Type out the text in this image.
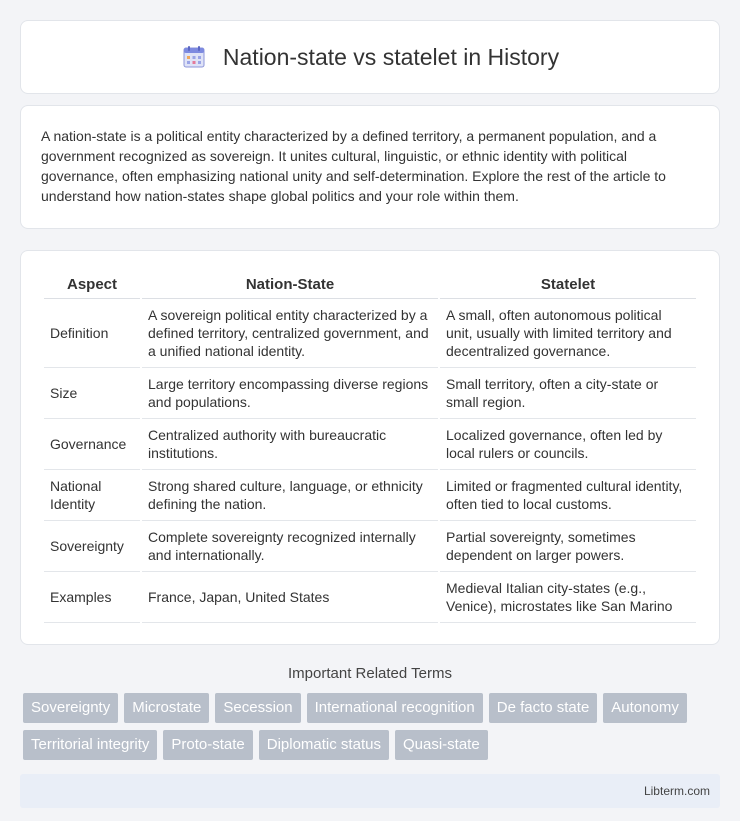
Nation-state vs statelet in History

A nation-state is a political entity characterized by a defined territory, a permanent population, and a government recognized as sovereign. It unites cultural, linguistic, or ethnic identity with political governance, often emphasizing national unity and self-determination. Explore the rest of the article to understand how nation-states shape global politics and your role within them.

Aspect	Nation-State	Statelet
Definition	A sovereign political entity characterized by a defined territory, centralized government, and a unified national identity.	A small, often autonomous political unit, usually with limited territory and decentralized governance.
Size	Large territory encompassing diverse regions and populations.	Small territory, often a city-state or small region.
Governance	Centralized authority with bureaucratic institutions.	Localized governance, often led by local rulers or councils.
National Identity	Strong shared culture, language, or ethnicity defining the nation.	Limited or fragmented cultural identity, often tied to local customs.
Sovereignty	Complete sovereignty recognized internally and internationally.	Partial sovereignty, sometimes dependent on larger powers.
Examples	France, Japan, United States	Medieval Italian city-states (e.g., Venice), microstates like San Marino
Important Related Terms
Sovereignty	Microstate	Secession	International recognition	De facto state	Autonomy
Territorial integrity	Proto-state	Diplomatic status	Quasi-state
Libterm.com
